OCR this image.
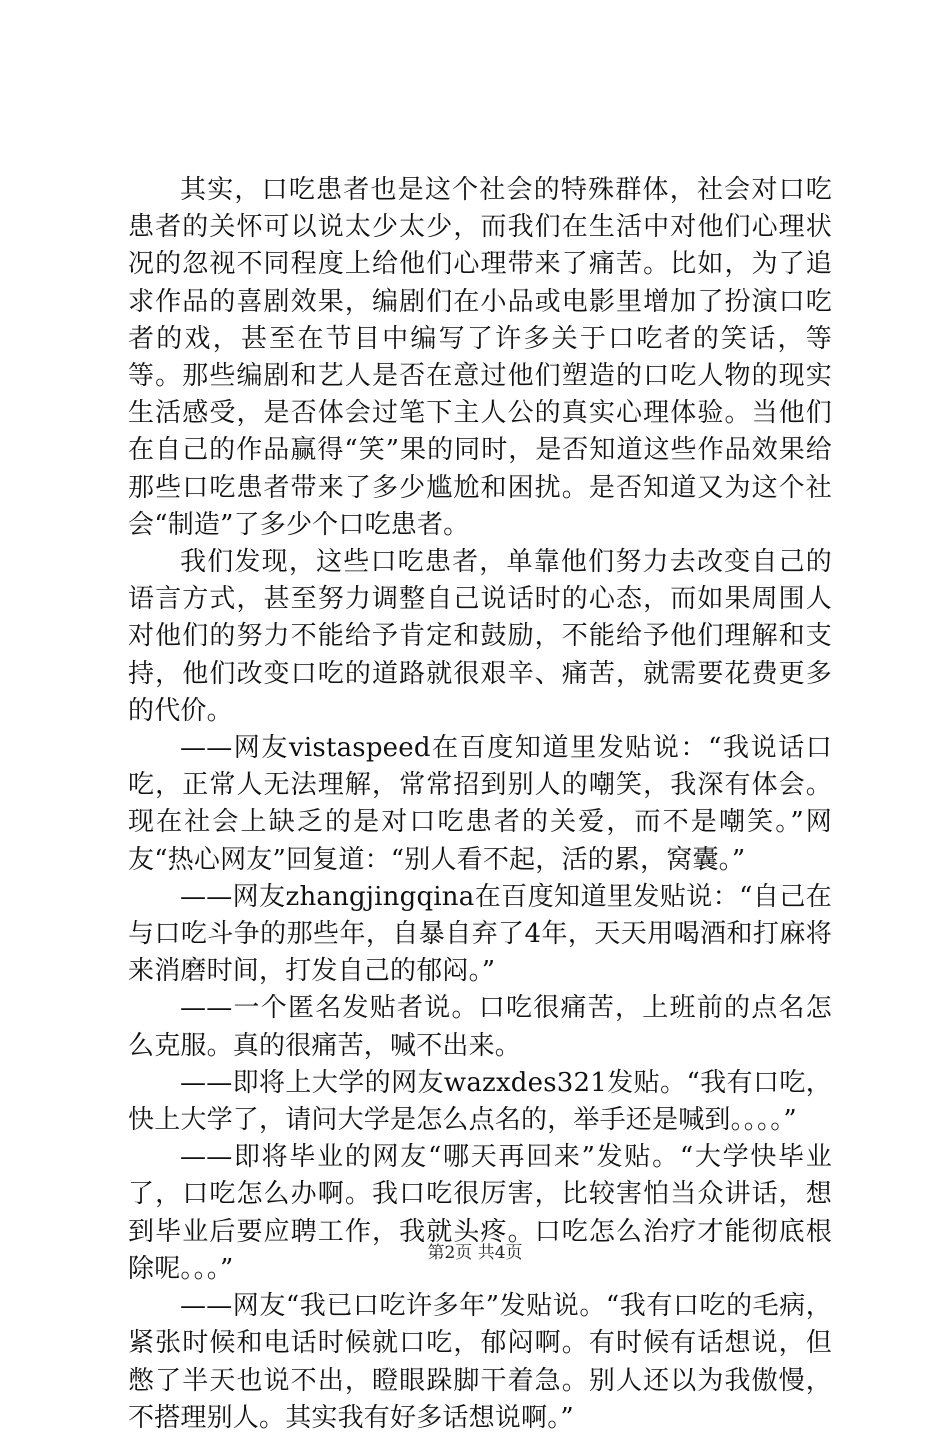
其实，口吃患者也是这个社会的特殊群体，社会对口吃患者的关怀可以说太少太少，而我们在生活中对他们心理状况的忽视不同程度上给他们心理带来了痛苦。比如，为了追求作品的喜剧效果，编剧们在小品或电影里增加了扮演口吃者的戏，甚至在节目中编写了许多关于口吃者的笑话，等等。那些编剧和艺人是否在意过他们塑造的口吃人物的现实生活感受，是否体会过笔下主人公的真实心理体验。当他们在自己的作品赢得“笑”果的同时，是否知道这些作品效果给那些口吃患者带来了多少尴尬和困扰。是否知道又为这个社会“制造”了多少个口吃患者。

我们发现，这些口吃患者，单靠他们努力去改变自己的语言方式，甚至努力调整自己说话时的心态，而如果周围人对他们的努力不能给予肯定和鼓励，不能给予他们理解和支持，他们改变口吃的道路就很艰辛、痛苦，就需要花费更多的代价。

——网友vistaspeed在百度知道里发贴说：“我说话口吃，正常人无法理解，常常招到别人的嘲笑，我深有体会。现在社会上缺乏的是对口吃患者的关爱，而不是嘲笑。”网友“热心网友”回复道：“别人看不起，活的累，窝囊。”

——网友zhangjingqina在百度知道里发贴说：“自己在与口吃斗争的那些年，自暴自弃了4年，天天用喝酒和打麻将来消磨时间，打发自己的郁闷。”

——一个匿名发贴者说。口吃很痛苦，上班前的点名怎么克服。真的很痛苦，喊不出来。

——即将上大学的网友wazxdes321发贴。“我有口吃，快上大学了，请问大学是怎么点名的，举手还是喊到。。。。”

——即将毕业的网友“哪天再回来”发贴。“大学快毕业了，口吃怎么办啊。我口吃很厉害，比较害怕当众讲话，想到毕业后要应聘工作，我就头疼。口吃怎么治疗才能彻底根除呢。。。”

——网友“我已口吃许多年”发贴说。“我有口吃的毛病，紧张时候和电话时候就口吃，郁闷啊。有时候有话想说，但憋了半天也说不出，瞪眼跺脚干着急。别人还以为我傲慢，不搭理别人。其实我有好多话想说啊。”

第2页 共4页
